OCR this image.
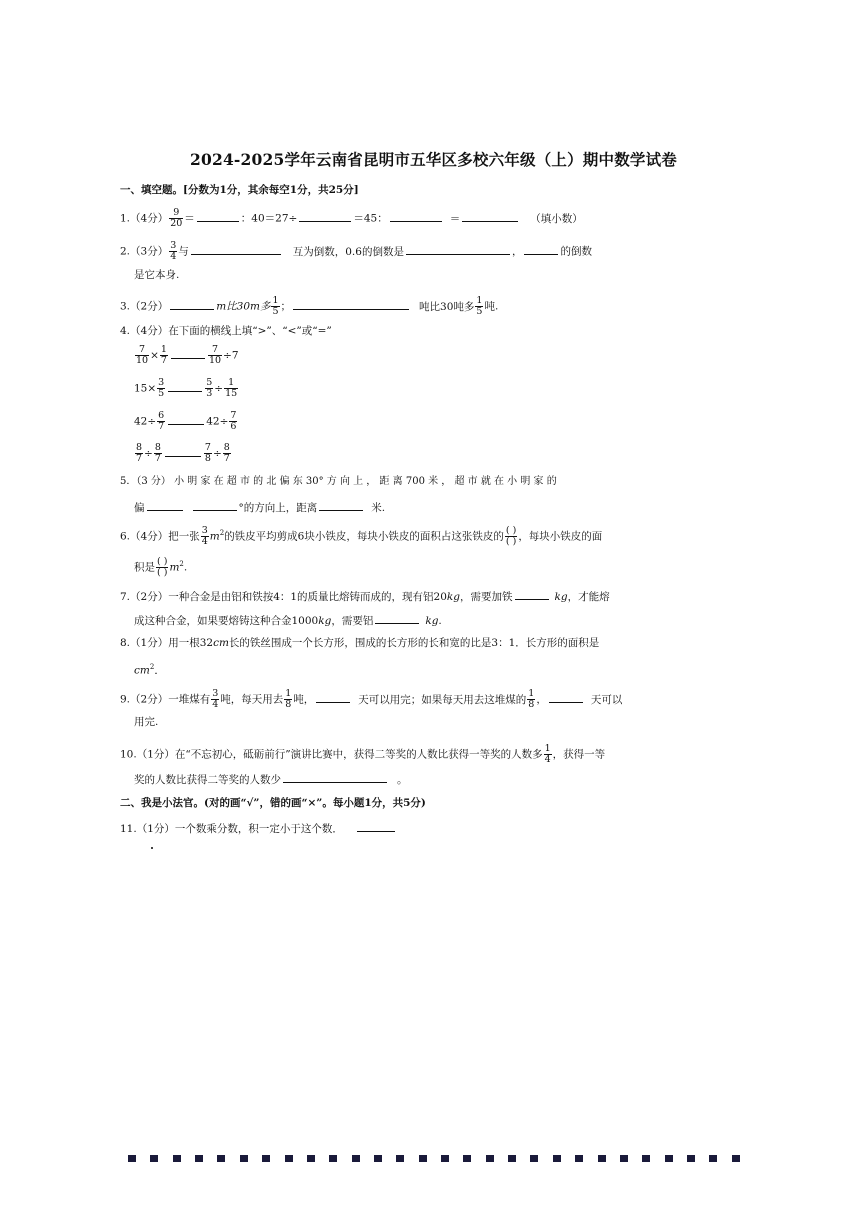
2024-2025学年云南省昆明市五华区多校六年级（上）期中数学试卷
一、填空题。[分数为1分，其余每空1分，共25分]
1.（4分） $\frac{9}{20}$ ＝	：40＝27÷	＝45：	＝	（填小数）
2.（3分） $\frac{3}{4}$ 与	互为倒数，0.6的倒数是	，	的倒数
是它本身.
3.（2分）	m比30m多 $\frac{1}{5}$ ；	吨比30吨多 $\frac{1}{5}$ 吨.
4.（4分）在下面的横线上填“>”、“<”或“=”
$\frac{7}{10} \times \frac{1}{7}$	$\frac{7}{10} \div 7$
$15\times \frac{3}{5}$	$\frac{5}{3} \div \frac{1}{15}$
$42\div \frac{6}{7}$	$42\div \frac{7}{6}$
$\frac{8}{7} \div \frac{8}{7}$	$\frac{7}{8} \div \frac{8}{7}$
5．（3 分） 小 明 家 在 超 市 的 北 偏 东 30° 方 向 上 ， 距 离 700 米 ， 超 市 就 在 小 明 家 的
偏	°的方向上，距离	米.
6.（4分）把一张 $\frac{3}{4} m^2$的铁皮平均剪成6块小铁皮，每块小铁皮的面积占这张铁皮的 $\frac{( )}{( )}$ ，每块小铁皮的面
积是 $\frac{( )}{( )} m^2$.
7.（2分）一种合金是由铝和铁按4：1的质量比熔铸而成的，现有铝20kg，需要加铁	kg，才能熔
成这种合金，如果要熔铸这种合金1000kg，需要铝	kg.
8.（1分）用一根32cm长的铁丝围成一个长方形，围成的长方形的长和宽的比是3：1．长方形的面积是
$cm^2$．
9.（2分）一堆煤有 $\frac{3}{4}$ 吨，每天用去 $\frac{1}{8}$ 吨，	天可以用完；如果每天用去这堆煤的 $\frac{1}{8}$ ，	天可以
用完.
10.（1分）在“不忘初心，砥砺前行”演讲比赛中，获得二等奖的人数比获得一等奖的人数多 $\frac{1}{4}$ ，获得一等
奖的人数比获得二等奖的人数少	。
二、我是小法官。(对的画“√”，错的画“×”。每小题1分，共5分)
11.（1分）一个数乘分数，积一定小于这个数．
